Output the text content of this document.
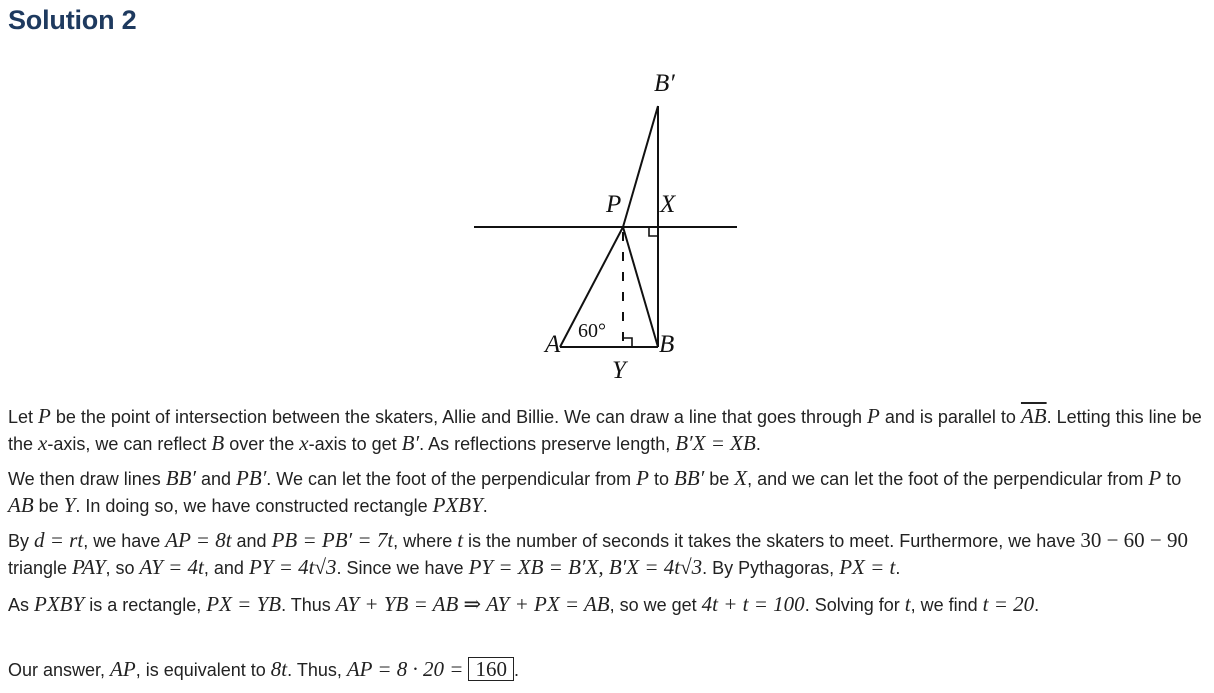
Solution 2
B′
P X
A	B
Y
60°

Let P be the point of intersection between the skaters, Allie and Billie. We can draw a line that goes through P and is parallel to $\overline{AB}$. Letting this line be the x-axis, we can reflect B over the x-axis to get B′. As reflections preserve length, B′X = XB.

We then draw lines BB′ and PB′. We can let the foot of the perpendicular from P to BB′ be X, and we can let the foot of the perpendicular from P to AB be Y. In doing so, we have constructed rectangle PXBY.

By d = rt, we have AP = 8t and PB = PB′ = 7t, where t is the number of seconds it takes the skaters to meet. Furthermore, we have 30 − 60 − 90 triangle PAY, so AY = 4t, and PY = 4t√3. Since we have PY = XB = B′X, B′X = 4t√3. By Pythagoras, PX = t.

As PXBY is a rectangle, PX = YB. Thus AY + YB = AB ⇒ AY + PX = AB, so we get 4t + t = 100. Solving for t, we find t = 20.

Our answer, AP, is equivalent to 8t. Thus, AP = 8 · 20 = 160 .
